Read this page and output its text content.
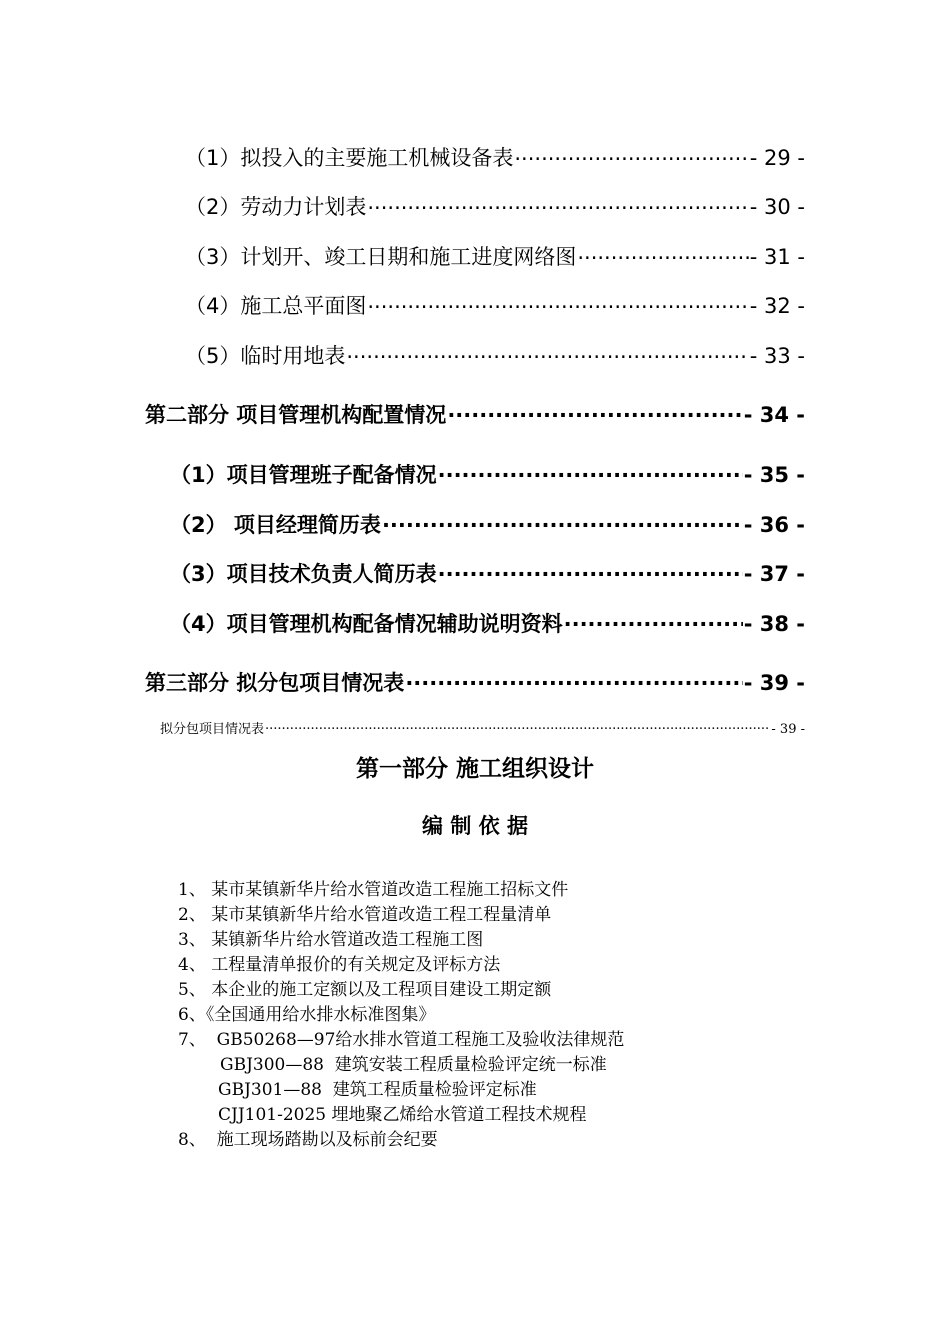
（1）拟投入的主要施工机械设备表 .....	- 29 -
（2）劳动力计划表 .....	- 30 -
（3）计划开、竣工日期和施工进度网络图 .....	- 31 -
（4）施工总平面图 .....	- 32 -
（5）临时用地表 .....	- 33 -
第二部分 项目管理机构配置情况 .....	- 34 -
（1）项目管理班子配备情况 .....	- 35 -
（2） 项目经理简历表 .....	- 36 -
（3）项目技术负责人简历表 .....	- 37 -
（4）项目管理机构配备情况辅助说明资料 .....	- 38 -
第三部分 拟分包项目情况表 .....	- 39 -
拟分包项目情况表 .....	- 39 -
第一部分 施工组织设计
编 制 依 据
1、 某市某镇新华片给水管道改造工程施工招标文件
2、 某市某镇新华片给水管道改造工程工程量清单
3、 某镇新华片给水管道改造工程施工图
4、 工程量清单报价的有关规定及评标方法
5、 本企业的施工定额以及工程项目建设工期定额
6、《全国通用给水排水标准图集》
7、  GB50268—97给水排水管道工程施工及验收法律规范
GBJ300—88  建筑安装工程质量检验评定统一标准
GBJ301—88  建筑工程质量检验评定标准
CJJ101-2025 埋地聚乙烯给水管道工程技术规程
8、  施工现场踏勘以及标前会纪要
